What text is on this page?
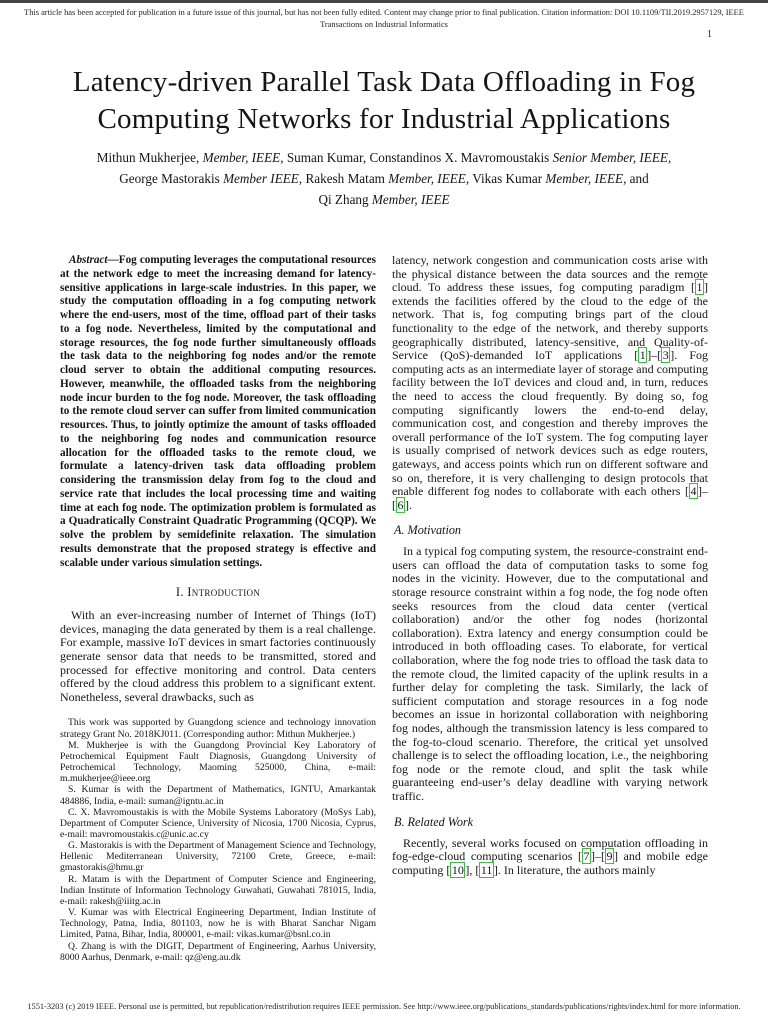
This article has been accepted for publication in a future issue of this journal, but has not been fully edited. Content may change prior to final publication. Citation information: DOI 10.1109/TII.2019.2957129, IEEE
Transactions on Industrial Informatics
1
Latency-driven Parallel Task Data Offloading in Fog
Computing Networks for Industrial Applications
Mithun Mukherjee, Member, IEEE, Suman Kumar, Constandinos X. Mavromoustakis Senior Member, IEEE,
George Mastorakis Member IEEE, Rakesh Matam Member, IEEE, Vikas Kumar Member, IEEE, and
Qi Zhang Member, IEEE

Abstract—Fog computing leverages the computational resources at the network edge to meet the increasing demand for latency-sensitive applications in large-scale industries. In this paper, we study the computation offloading in a fog computing network where the end-users, most of the time, offload part of their tasks to a fog node. Nevertheless, limited by the computational and storage resources, the fog node further simultaneously offloads the task data to the neighboring fog nodes and/or the remote cloud server to obtain the additional computing resources. However, meanwhile, the offloaded tasks from the neighboring node incur burden to the fog node. Moreover, the task offloading to the remote cloud server can suffer from limited communication resources. Thus, to jointly optimize the amount of tasks offloaded to the neighboring fog nodes and communication resource allocation for the offloaded tasks to the remote cloud, we formulate a latency-driven task data offloading problem considering the transmission delay from fog to the cloud and service rate that includes the local processing time and waiting time at each fog node. The optimization problem is formulated as a Quadratically Constraint Quadratic Programming (QCQP). We solve the problem by semidefinite relaxation. The simulation results demonstrate that the proposed strategy is effective and scalable under various simulation settings.

I. Introduction

With an ever-increasing number of Internet of Things (IoT) devices, managing the data generated by them is a real challenge. For example, massive IoT devices in smart factories continuously generate sensor data that needs to be transmitted, stored and processed for effective monitoring and control. Data centers offered by the cloud address this problem to a significant extent. Nonetheless, several drawbacks, such as

This work was supported by Guangdong science and technology innovation strategy Grant No. 2018KJ011. (Corresponding author: Mithun Mukherjee.)

M. Mukherjee is with the Guangdong Provincial Key Laboratory of Petrochemical Equipment Fault Diagnosis, Guangdong University of Petrochemical Technology, Maoming 525000, China, e-mail: m.mukherjee@ieee.org

S. Kumar is with the Department of Mathematics, IGNTU, Amarkantak 484886, India, e-mail: suman@igntu.ac.in

C. X. Mavromoustakis is with the Mobile Systems Laboratory (MoSys Lab), Department of Computer Science, University of Nicosia, 1700 Nicosia, Cyprus, e-mail: mavromoustakis.c@unic.ac.cy

G. Mastorakis is with the Department of Management Science and Technology, Hellenic Mediterranean University, 72100 Crete, Greece, e-mail: gmastorakis@hmu.gr

R. Matam is with the Department of Computer Science and Engineering, Indian Institute of Information Technology Guwahati, Guwahati 781015, India, e-mail: rakesh@iiitg.ac.in

V. Kumar was with Electrical Engineering Department, Indian Institute of Technology, Patna, India, 801103, now he is with Bharat Sanchar Nigam Limited, Patna, Bihar, India, 800001, e-mail: vikas.kumar@bsnl.co.in

Q. Zhang is with the DIGIT, Department of Engineering, Aarhus University, 8000 Aarhus, Denmark, e-mail: qz@eng.au.dk

latency, network congestion and communication costs arise with the physical distance between the data sources and the remote cloud. To address these issues, fog computing paradigm [ 1 ] extends the facilities offered by the cloud to the edge of the network. That is, fog computing brings part of the cloud functionality to the edge of the network, and thereby supports geographically distributed, latency-sensitive, and Quality-of-Service (QoS)-demanded IoT applications [ 1 ]–[ 3 ]. Fog computing acts as an intermediate layer of storage and computing facility between the IoT devices and cloud and, in turn, reduces the need to access the cloud frequently. By doing so, fog computing significantly lowers the end-to-end delay, communication cost, and congestion and thereby improves the overall performance of the IoT system. The fog computing layer is usually comprised of network devices such as edge routers, gateways, and access points which run on different software and so on, therefore, it is very challenging to design protocols that enable different fog nodes to collaborate with each others [ 4 ]–[ 6 ].

A. Motivation

In a typical fog computing system, the resource-constraint end-users can offload the data of computation tasks to some fog nodes in the vicinity. However, due to the computational and storage resource constraint within a fog node, the fog node often seeks resources from the cloud data center (vertical collaboration) and/or the other fog nodes (horizontal collaboration). Extra latency and energy consumption could be introduced in both offloading cases. To elaborate, for vertical collaboration, where the fog node tries to offload the task data to the remote cloud, the limited capacity of the uplink results in a further delay for completing the task. Similarly, the lack of sufficient computation and storage resources in a fog node becomes an issue in horizontal collaboration with neighboring fog nodes, although the transmission latency is less compared to the fog-to-cloud scenario. Therefore, the critical yet unsolved challenge is to select the offloading location, i.e., the neighboring fog node or the remote cloud, and split the task while guaranteeing end-user’s delay deadline with varying network traffic.

B. Related Work

Recently, several works focused on computation offloading in fog-edge-cloud computing scenarios [ 7 ]–[ 9 ] and mobile edge computing [ 10 ], [ 11 ]. In literature, the authors mainly

1551-3203 (c) 2019 IEEE. Personal use is permitted, but republication/redistribution requires IEEE permission. See http://www.ieee.org/publications_standards/publications/rights/index.html for more information.
